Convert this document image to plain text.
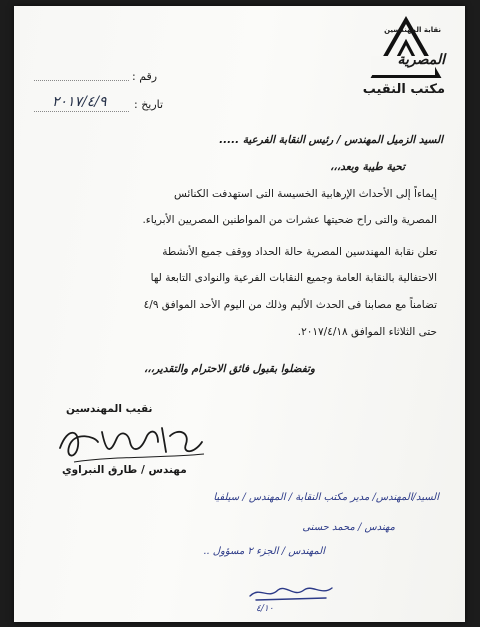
نقابة المهندسين
المصرية
مكتب النقيب
رقم :
تاريخ :
٢٠١٧/٤/٩
السيد الزميل المهندس / رئيس النقابة الفرعية .....
تحية طيبة وبعد،،،
إيماءاً إلى الأحداث الإرهابية الخسيسة التى استهدفت الكنائس
المصرية والتى راح ضحيتها عشرات من المواطنين المصريين الأبرياء.
تعلن نقابة المهندسين المصرية حالة الحداد ووقف جميع الأنشطة
الاحتفالية بالنقابة العامة وجميع النقابات الفرعية والنوادى التابعة لها
تضامناً مع مصابنا فى الحدث الأليم وذلك من اليوم الأحد الموافق ٤/٩
حتى الثلاثاء الموافق ٢٠١٧/٤/١٨.
وتفضلوا بقبول فائق الاحترام والتقدير،،،
نقيب المهندسين
مهندس / طارق النبراوي
السيد/المهندس/ مدير مكتب النقابة / المهندس / سيلفيا
مهندس / محمد حسنى
المهندس / الجزء ٢ مسؤول ..
٤/١٠
